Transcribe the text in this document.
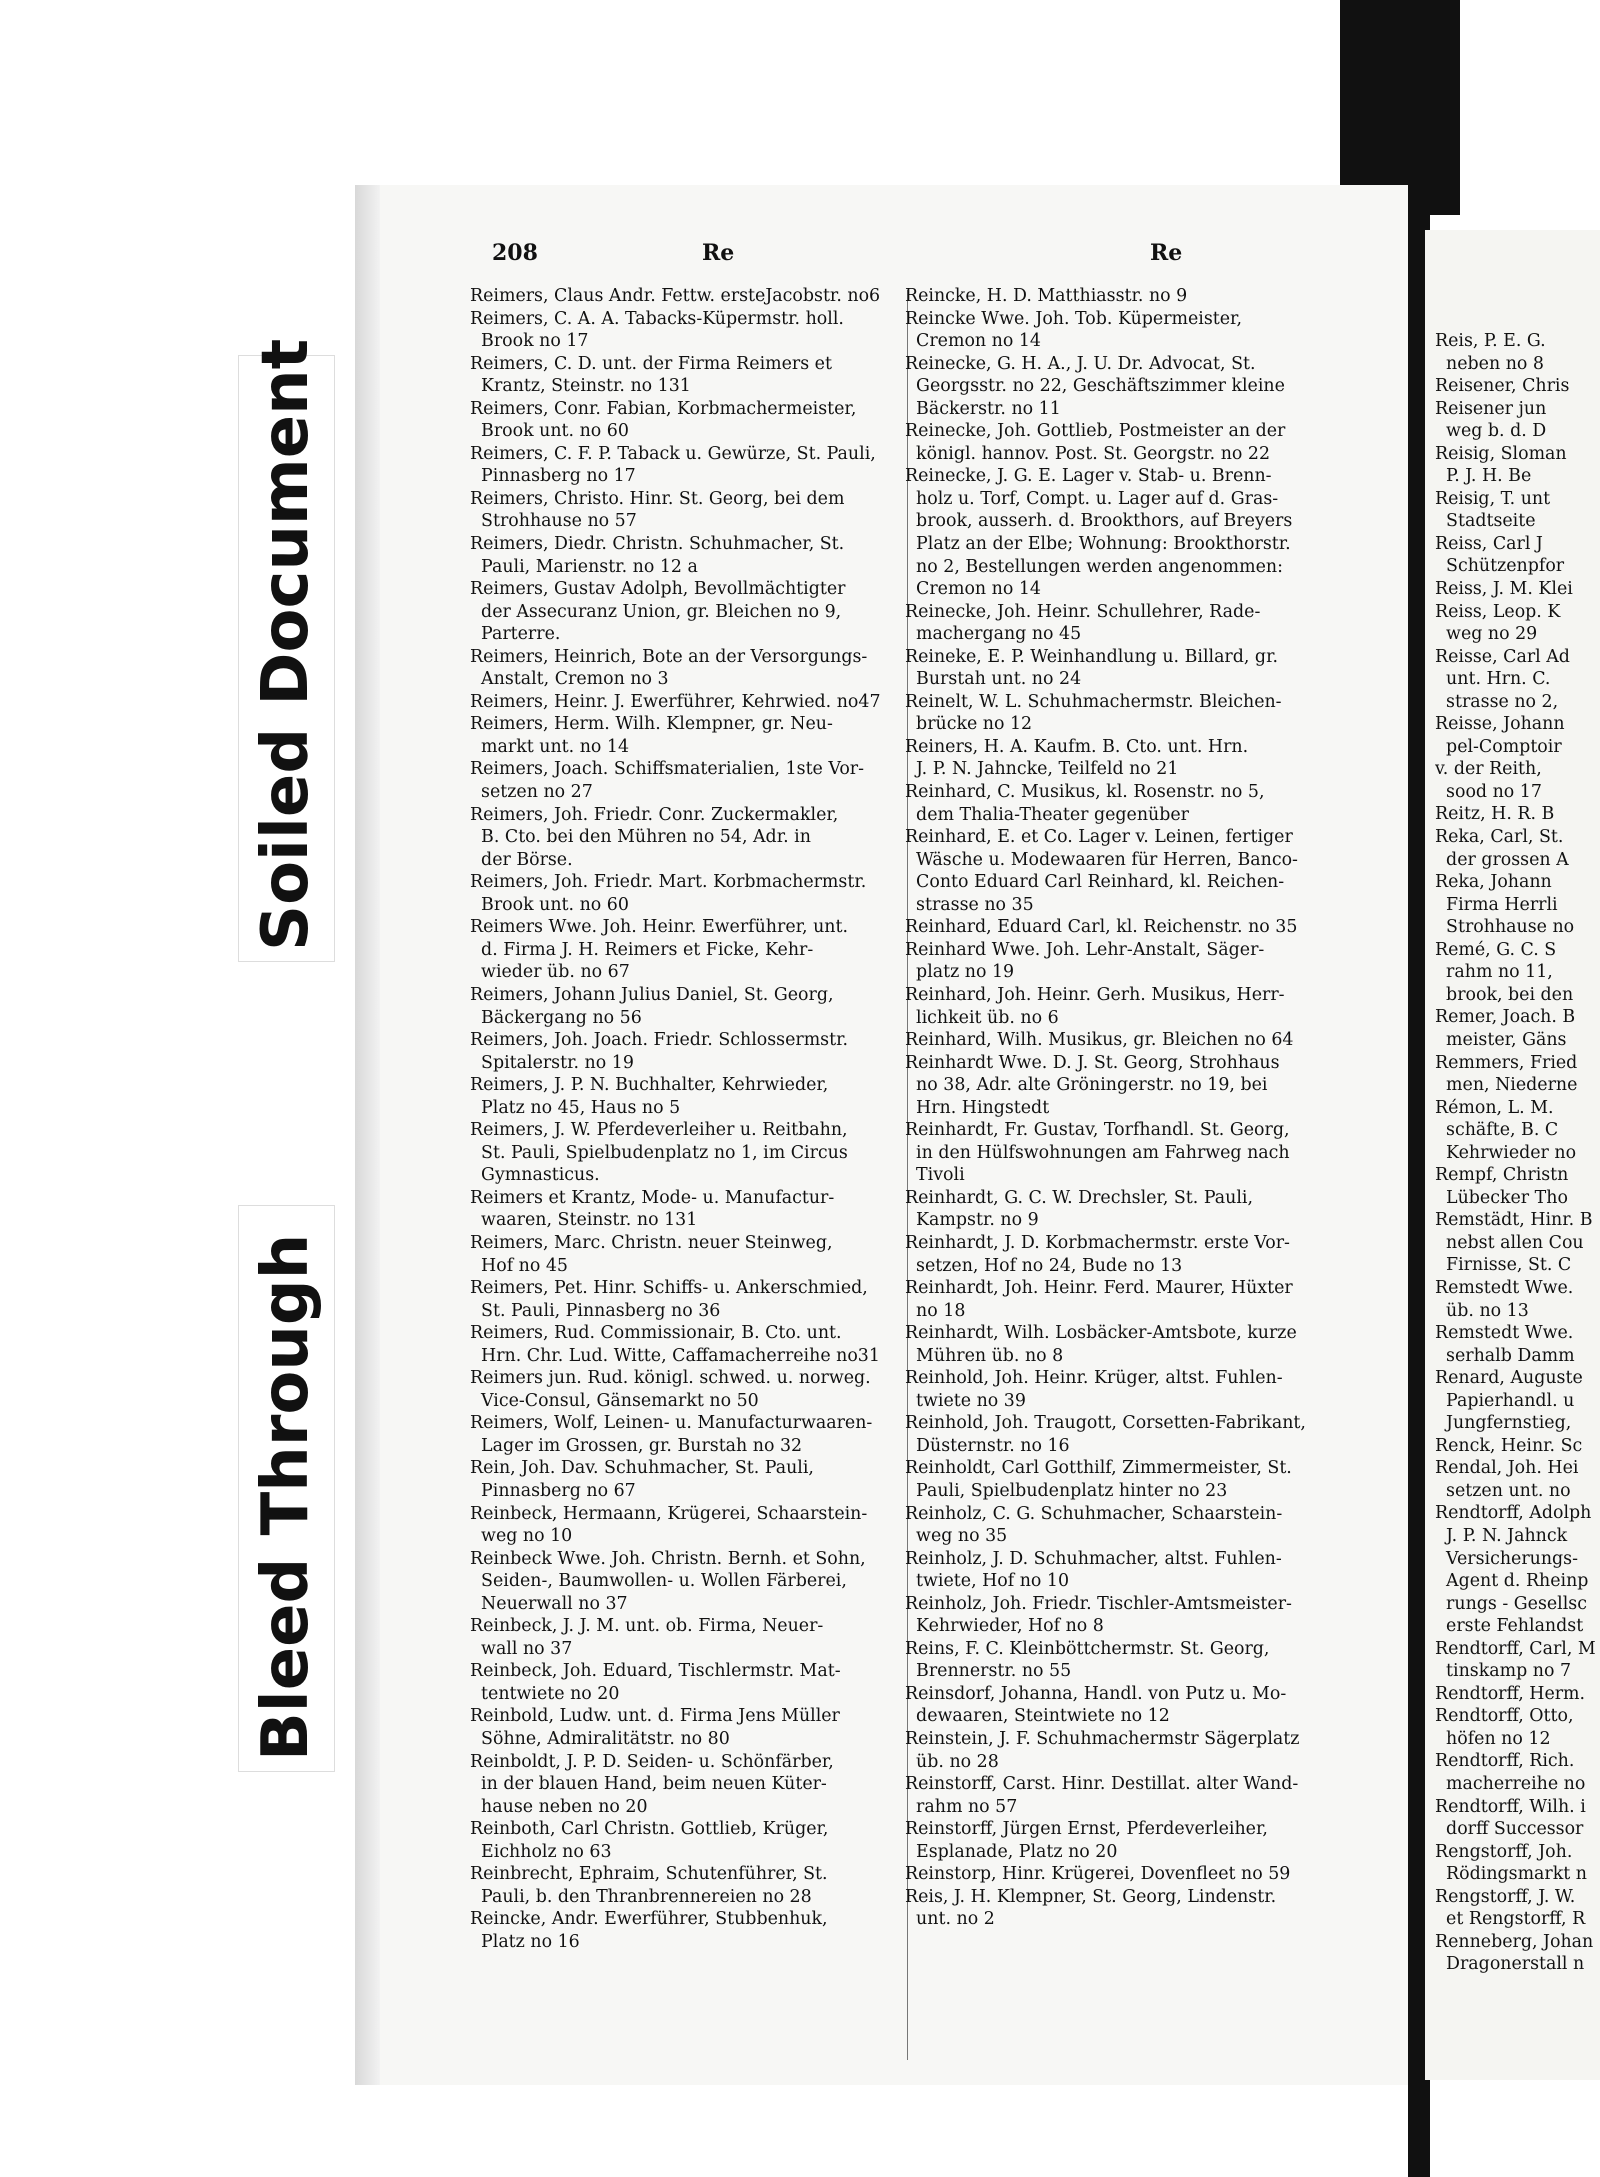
Soiled Document
Bleed Through
208	Re	Re
Reimers, Claus Andr. Fettw. ersteJacobstr. no6
Reimers, C. A. A. Tabacks-Küpermstr. holl.
Brook no 17
Reimers, C. D. unt. der Firma Reimers et
Krantz, Steinstr. no 131
Reimers, Conr. Fabian, Korbmachermeister,
Brook unt. no 60
Reimers, C. F. P. Taback u. Gewürze, St. Pauli,
Pinnasberg no 17
Reimers, Christo. Hinr. St. Georg, bei dem
Strohhause no 57
Reimers, Diedr. Christn. Schuhmacher, St.
Pauli, Marienstr. no 12 a
Reimers, Gustav Adolph, Bevollmächtigter
der Assecuranz Union, gr. Bleichen no 9,
Parterre.
Reimers, Heinrich, Bote an der Versorgungs-
Anstalt, Cremon no 3
Reimers, Heinr. J. Ewerführer, Kehrwied. no47
Reimers, Herm. Wilh. Klempner, gr. Neu-
markt unt. no 14
Reimers, Joach. Schiffsmaterialien, 1ste Vor-
setzen no 27
Reimers, Joh. Friedr. Conr. Zuckermakler,
B. Cto. bei den Mühren no 54, Adr. in
der Börse.
Reimers, Joh. Friedr. Mart. Korbmachermstr.
Brook unt. no 60
Reimers Wwe. Joh. Heinr. Ewerführer, unt.
d. Firma J. H. Reimers et Ficke, Kehr-
wieder üb. no 67
Reimers, Johann Julius Daniel, St. Georg,
Bäckergang no 56
Reimers, Joh. Joach. Friedr. Schlossermstr.
Spitalerstr. no 19
Reimers, J. P. N. Buchhalter, Kehrwieder,
Platz no 45, Haus no 5
Reimers, J. W. Pferdeverleiher u. Reitbahn,
St. Pauli, Spielbudenplatz no 1, im Circus
Gymnasticus.
Reimers et Krantz, Mode- u. Manufactur-
waaren, Steinstr. no 131
Reimers, Marc. Christn. neuer Steinweg,
Hof no 45
Reimers, Pet. Hinr. Schiffs- u. Ankerschmied,
St. Pauli, Pinnasberg no 36
Reimers, Rud. Commissionair, B. Cto. unt.
Hrn. Chr. Lud. Witte, Caffamacherreihe no31
Reimers jun. Rud. königl. schwed. u. norweg.
Vice-Consul, Gänsemarkt no 50
Reimers, Wolf, Leinen- u. Manufacturwaaren-
Lager im Grossen, gr. Burstah no 32
Rein, Joh. Dav. Schuhmacher, St. Pauli,
Pinnasberg no 67
Reinbeck, Hermaann, Krügerei, Schaarstein-
weg no 10
Reinbeck Wwe. Joh. Christn. Bernh. et Sohn,
Seiden-, Baumwollen- u. Wollen Färberei,
Neuerwall no 37
Reinbeck, J. J. M. unt. ob. Firma, Neuer-
wall no 37
Reinbeck, Joh. Eduard, Tischlermstr. Mat-
tentwiete no 20
Reinbold, Ludw. unt. d. Firma Jens Müller
Söhne, Admiralitätstr. no 80
Reinboldt, J. P. D. Seiden- u. Schönfärber,
in der blauen Hand, beim neuen Küter-
hause neben no 20
Reinboth, Carl Christn. Gottlieb, Krüger,
Eichholz no 63
Reinbrecht, Ephraim, Schutenführer, St.
Pauli, b. den Thranbrennereien no 28
Reincke, Andr. Ewerführer, Stubbenhuk,
Platz no 16
Reincke, H. D. Matthiasstr. no 9
Reincke Wwe. Joh. Tob. Küpermeister,
Cremon no 14
Reinecke, G. H. A., J. U. Dr. Advocat, St.
Georgsstr. no 22, Geschäftszimmer kleine
Bäckerstr. no 11
Reinecke, Joh. Gottlieb, Postmeister an der
königl. hannov. Post. St. Georgstr. no 22
Reinecke, J. G. E. Lager v. Stab- u. Brenn-
holz u. Torf, Compt. u. Lager auf d. Gras-
brook, ausserh. d. Brookthors, auf Breyers
Platz an der Elbe; Wohnung: Brookthorstr.
no 2, Bestellungen werden angenommen:
Cremon no 14
Reinecke, Joh. Heinr. Schullehrer, Rade-
machergang no 45
Reineke, E. P. Weinhandlung u. Billard, gr.
Burstah unt. no 24
Reinelt, W. L. Schuhmachermstr. Bleichen-
brücke no 12
Reiners, H. A. Kaufm. B. Cto. unt. Hrn.
J. P. N. Jahncke, Teilfeld no 21
Reinhard, C. Musikus, kl. Rosenstr. no 5,
dem Thalia-Theater gegenüber
Reinhard, E. et Co. Lager v. Leinen, fertiger
Wäsche u. Modewaaren für Herren, Banco-
Conto Eduard Carl Reinhard, kl. Reichen-
strasse no 35
Reinhard, Eduard Carl, kl. Reichenstr. no 35
Reinhard Wwe. Joh. Lehr-Anstalt, Säger-
platz no 19
Reinhard, Joh. Heinr. Gerh. Musikus, Herr-
lichkeit üb. no 6
Reinhard, Wilh. Musikus, gr. Bleichen no 64
Reinhardt Wwe. D. J. St. Georg, Strohhaus
no 38, Adr. alte Gröningerstr. no 19, bei
Hrn. Hingstedt
Reinhardt, Fr. Gustav, Torfhandl. St. Georg,
in den Hülfswohnungen am Fahrweg nach
Tivoli
Reinhardt, G. C. W. Drechsler, St. Pauli,
Kampstr. no 9
Reinhardt, J. D. Korbmachermstr. erste Vor-
setzen, Hof no 24, Bude no 13
Reinhardt, Joh. Heinr. Ferd. Maurer, Hüxter
no 18
Reinhardt, Wilh. Losbäcker-Amtsbote, kurze
Mühren üb. no 8
Reinhold, Joh. Heinr. Krüger, altst. Fuhlen-
twiete no 39
Reinhold, Joh. Traugott, Corsetten-Fabrikant,
Düsternstr. no 16
Reinholdt, Carl Gotthilf, Zimmermeister, St.
Pauli, Spielbudenplatz hinter no 23
Reinholz, C. G. Schuhmacher, Schaarstein-
weg no 35
Reinholz, J. D. Schuhmacher, altst. Fuhlen-
twiete, Hof no 10
Reinholz, Joh. Friedr. Tischler-Amtsmeister-
Kehrwieder, Hof no 8
Reins, F. C. Kleinböttchermstr. St. Georg,
Brennerstr. no 55
Reinsdorf, Johanna, Handl. von Putz u. Mo-
dewaaren, Steintwiete no 12
Reinstein, J. F. Schuhmachermstr Sägerplatz
üb. no 28
Reinstorff, Carst. Hinr. Destillat. alter Wand-
rahm no 57
Reinstorff, Jürgen Ernst, Pferdeverleiher,
Esplanade, Platz no 20
Reinstorp, Hinr. Krügerei, Dovenfleet no 59
Reis, J. H. Klempner, St. Georg, Lindenstr.
unt. no 2
Reis, P. E. G.
neben no 8
Reisener, Chris
Reisener jun
weg b. d. D
Reisig, Sloman
P. J. H. Be
Reisig, T. unt
Stadtseite
Reiss, Carl J
Schützenpfor
Reiss, J. M. Klei
Reiss, Leop. K
weg no 29
Reisse, Carl Ad
unt. Hrn. C.
strasse no 2,
Reisse, Johann
pel-Comptoir
v. der Reith,
sood no 17
Reitz, H. R. B
Reka, Carl, St.
der grossen A
Reka, Johann
Firma Herrli
Strohhause no
Remé, G. C. S
rahm no 11,
brook, bei den
Remer, Joach. B
meister, Gäns
Remmers, Fried
men, Niederne
Rémon, L. M.
schäfte, B. C
Kehrwieder no
Rempf, Christn
Lübecker Tho
Remstädt, Hinr. B
nebst allen Cou
Firnisse, St. C
Remstedt Wwe.
üb. no 13
Remstedt Wwe.
serhalb Damm
Renard, Auguste
Papierhandl. u
Jungfernstieg,
Renck, Heinr. Sc
Rendal, Joh. Hei
setzen unt. no
Rendtorff, Adolph
J. P. N. Jahnck
Versicherungs-
Agent d. Rheinp
rungs - Gesellsc
erste Fehlandst
Rendtorff, Carl, M
tinskamp no 7
Rendtorff, Herm.
Rendtorff, Otto,
höfen no 12
Rendtorff, Rich.
macherreihe no
Rendtorff, Wilh. i
dorff Successor
Rengstorff, Joh.
Rödingsmarkt n
Rengstorff, J. W.
et Rengstorff, R
Renneberg, Johan
Dragonerstall n
